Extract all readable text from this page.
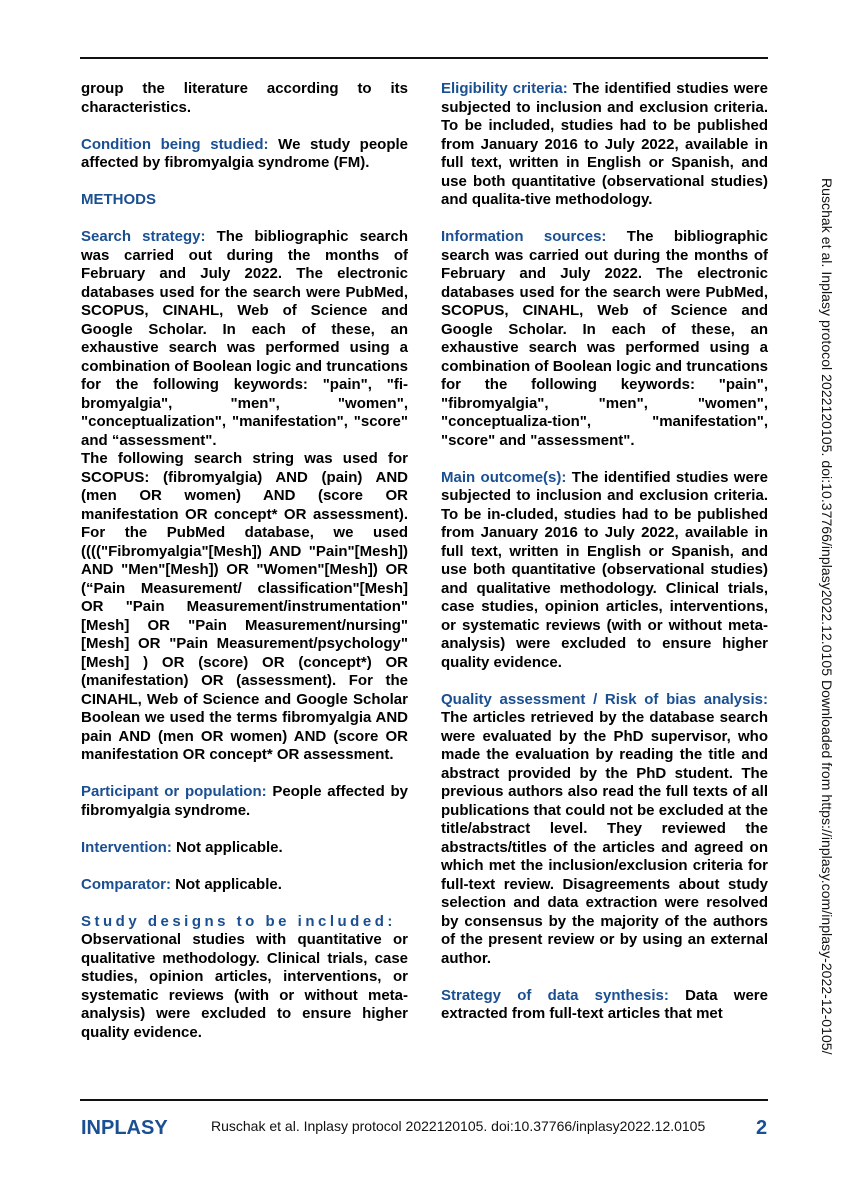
group the literature according to its characteristics.

Condition being studied: We study people affected by fibromyalgia syndrome (FM).

METHODS

Search strategy: The bibliographic search was carried out during the months of February and July 2022. The electronic databases used for the search were PubMed, SCOPUS, CINAHL, Web of Science and Google Scholar. In each of these, an exhaustive search was performed using a combination of Boolean logic and truncations for the following keywords: "pain", "fi-bromyalgia", "men", "women", "conceptualization", "manifestation", "score" and “assessment".

The following search string was used for SCOPUS: (fibromyalgia) AND (pain) AND (men OR women) AND (score OR manifestation OR concept* OR assessment). For the PubMed database, we used (((("Fibromyalgia"[Mesh]) AND "Pain"[Mesh]) AND "Men"[Mesh]) OR "Women"[Mesh]) OR (“Pain Measurement/ classification"[Mesh] OR "Pain Measurement/instrumentation"[Mesh] OR "Pain Measurement/nursing"[Mesh] OR "Pain Measurement/psychology"[Mesh] ) OR (score) OR (concept*) OR (manifestation) OR (assessment). For the CINAHL, Web of Science and Google Scholar Boolean we used the terms fibromyalgia AND pain AND (men OR women) AND (score OR manifestation OR concept* OR assessment.

Participant or population: People affected by fibromyalgia syndrome.

Intervention: Not applicable.

Comparator: Not applicable.

Study designs to be included:
Observational studies with quantitative or qualitative methodology. Clinical trials, case studies, opinion articles, interventions, or systematic reviews (with or without meta-analysis) were excluded to ensure higher quality evidence.

Eligibility criteria: The identified studies were subjected to inclusion and exclusion criteria. To be included, studies had to be published from January 2016 to July 2022, available in full text, written in English or Spanish, and use both quantitative (observational studies) and qualita-tive methodology.

Information sources: The bibliographic search was carried out during the months of February and July 2022. The electronic databases used for the search were PubMed, SCOPUS, CINAHL, Web of Science and Google Scholar. In each of these, an exhaustive search was performed using a combination of Boolean logic and truncations for the following keywords: "pain", "fibromyalgia", "men", "women", "conceptualiza-tion", "manifestation", "score" and "assessment".

Main outcome(s): The identified studies were subjected to inclusion and exclusion criteria. To be in-cluded, studies had to be published from January 2016 to July 2022, available in full text, written in English or Spanish, and use both quantitative (observational studies) and qualitative methodology. Clinical trials, case studies, opinion articles, interventions, or systematic reviews (with or without meta-analysis) were excluded to ensure higher quality evidence.

Quality assessment / Risk of bias analysis: The articles retrieved by the database search were evaluated by the PhD supervisor, who made the evaluation by reading the title and abstract provided by the PhD student. The previous authors also read the full texts of all publications that could not be excluded at the title/abstract level. They reviewed the abstracts/titles of the articles and agreed on which met the inclusion/exclusion criteria for full-text review. Disagreements about study selection and data extraction were resolved by consensus by the majority of the authors of the present review or by using an external author.

Strategy of data synthesis: Data were extracted from full-text articles that met	Ruschak et al. Inplasy protocol 2022120105. doi:10.37766/inplasy2022.12.0105 Downloaded from https://inplasy.com/inplasy-2022-12-0105/
INPLASY	Ruschak et al. Inplasy protocol 2022120105. doi:10.37766/inplasy2022.12.0105	2
